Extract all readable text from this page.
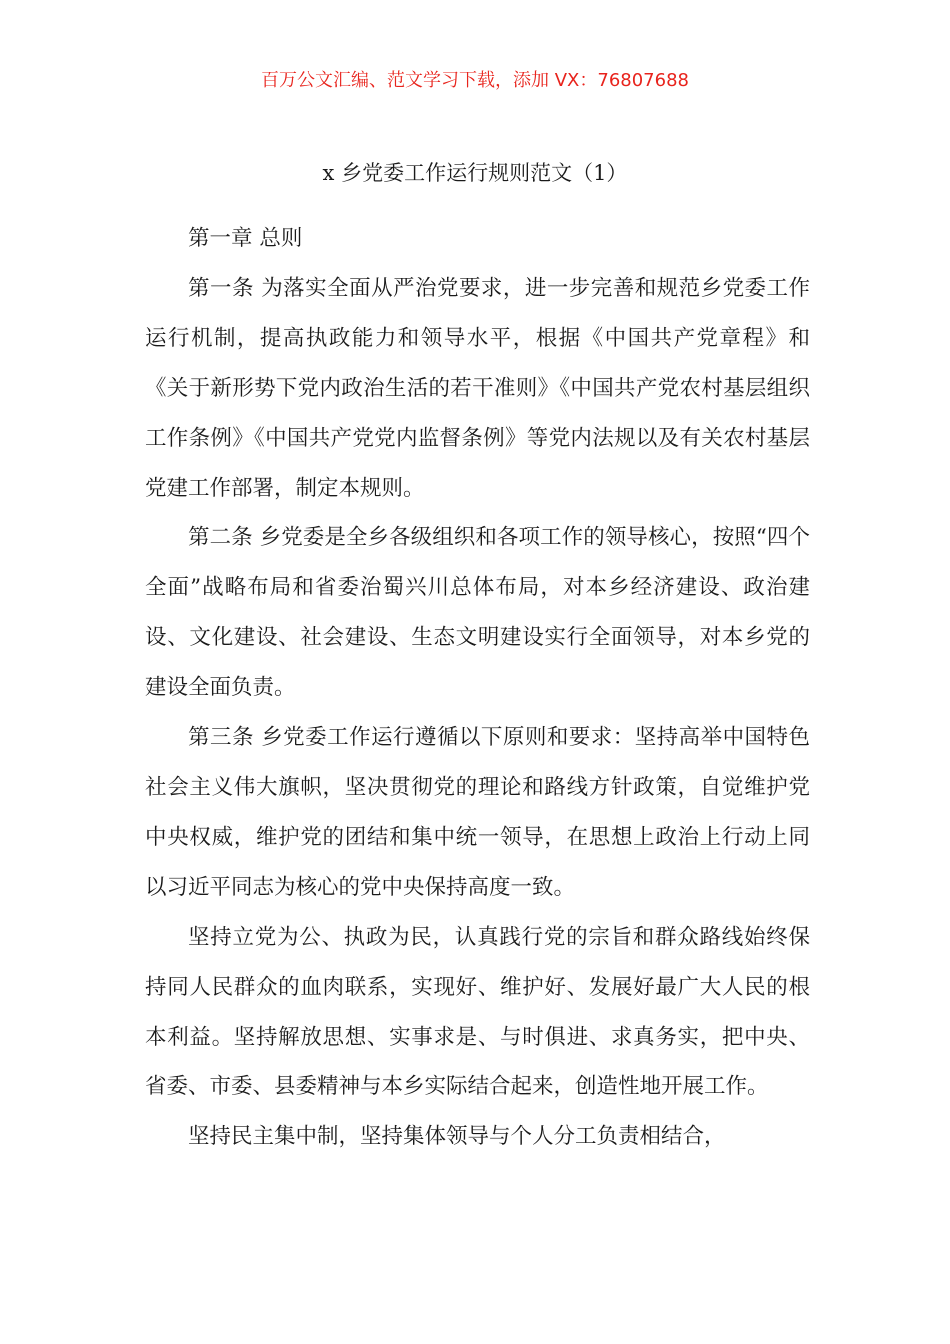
百万公文汇编、范文学习下载，添加 VX：76807688
x 乡党委工作运行规则范文（1）

第一章 总则

第一条 为落实全面从严治党要求，进一步完善和规范乡党委工作运行机制，提高执政能力和领导水平，根据《中国共产党章程》和《关于新形势下党内政治生活的若干准则》《中国共产党农村基层组织工作条例》《中国共产党党内监督条例》等党内法规以及有关农村基层党建工作部署，制定本规则。

第二条 乡党委是全乡各级组织和各项工作的领导核心，按照“四个全面”战略布局和省委治蜀兴川总体布局，对本乡经济建设、政治建设、文化建设、社会建设、生态文明建设实行全面领导，对本乡党的建设全面负责。

第三条 乡党委工作运行遵循以下原则和要求：坚持高举中国特色社会主义伟大旗帜，坚决贯彻党的理论和路线方针政策，自觉维护党中央权威，维护党的团结和集中统一领导，在思想上政治上行动上同以习近平同志为核心的党中央保持高度一致。

坚持立党为公、执政为民，认真践行党的宗旨和群众路线始终保持同人民群众的血肉联系，实现好、维护好、发展好最广大人民的根本利益。坚持解放思想、实事求是、与时俱进、求真务实，把中央、省委、市委、县委精神与本乡实际结合起来，创造性地开展工作。

坚持民主集中制，坚持集体领导与个人分工负责相结合，
